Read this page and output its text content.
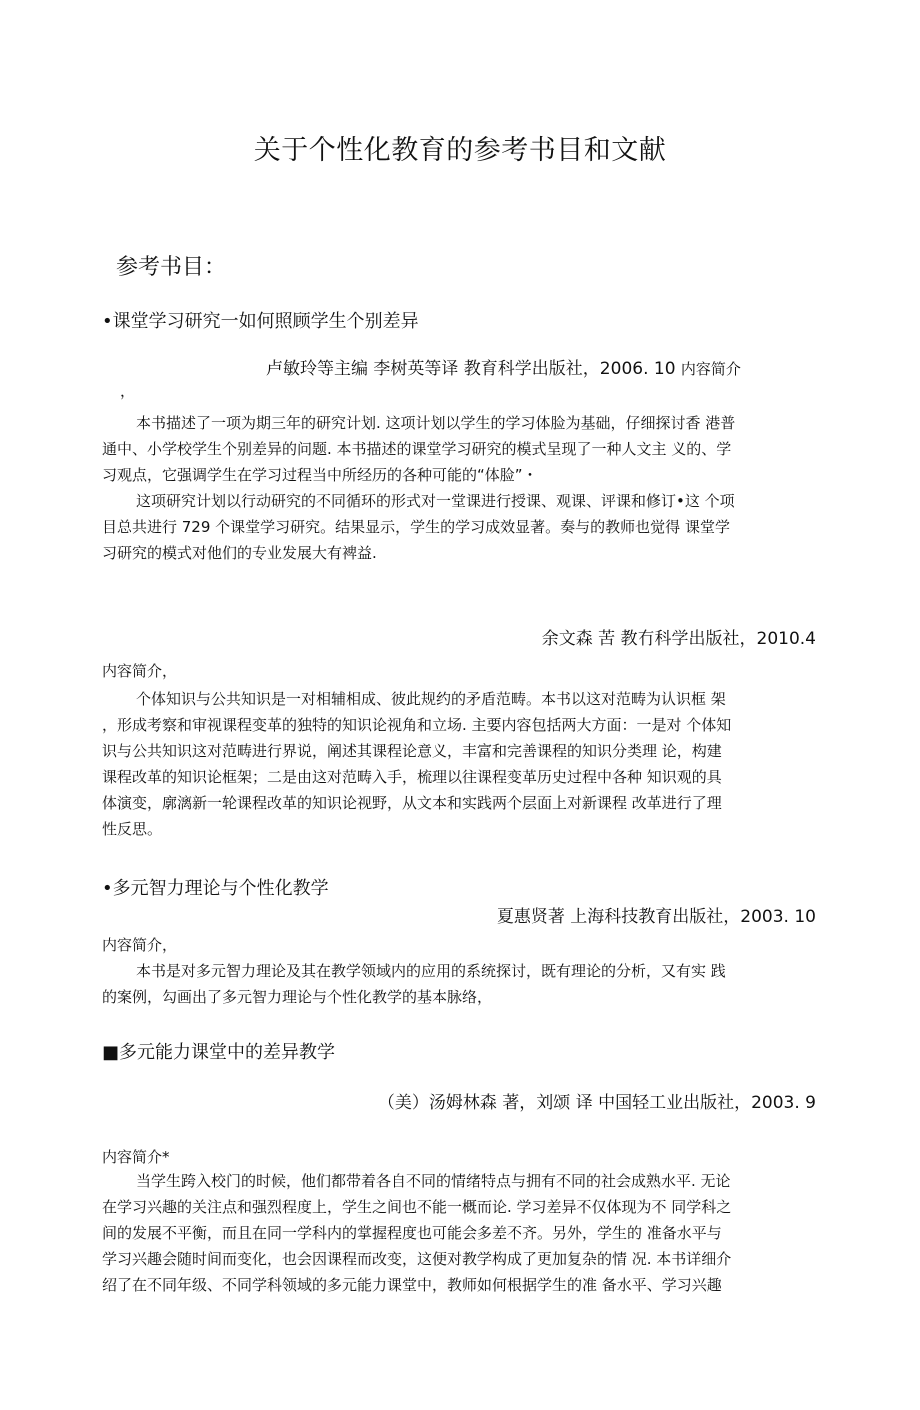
关于个性化教育的参考书目和文献
参考书目：
•课堂学习研究一如何照顾学生个别差异
卢敏玲等主编 李树英等译 教育科学出版社，2006. 10 内容简介
，
本书描述了一项为期三年的研究计划. 这项计划以学生的学习体脸为基础，仔细探讨香 港普
通中、小学校学生个别差异的问题. 本书描述的课堂学习研究的模式呈现了一种人文主 义的、学
习观点，它强调学生在学习过程当中所经历的各种可能的“体脸”・
这项研究计划以行动研究的不同循环的形式对一堂课进行授课、观课、评课和修订•这 个项
目总共进行 729 个课堂学习研究。结果显示，学生的学习成效显著。奏与的教师也觉得 课堂学
习研究的模式对他们的专业发展大有裨益.
余文森 苦 教冇科学出版社，2010.4
内容简介，
个体知识与公共知识是一对相辅相成、彼此规约的矛盾范畴。本书以这对范畴为认识框 架
，形成考察和审视课程变革的独特的知识论视角和立场. 主要内容包括两大方面：一是对 个体知
识与公共知识这对范畴进行界说，阐述其课程论意义，丰富和完善课程的知识分类理 论，构建
课程改革的知识论框架；二是由这对范畴入手，梳理以往课程变革历史过程中各种 知识观的具
体演变，廓漓新一轮课程改革的知识论视野，从文本和实践两个层面上对新课程 改革进行了理
性反思。
•多元智力理论与个性化教学
夏惠贤著 上海科技教育出版社，2003. 10
内容简介，
本书是对多元智力理论及其在教学领域内的应用的系统探讨，既有理论的分析，又有实 践
的案例，勾画出了多元智力理论与个性化教学的基本脉络，
■多元能力课堂中的差异教学
（美）汤姆林森 著，刘颂 译 中国轻工业出版社，2003. 9
内容简介*
当学生跨入校门的时候，他们都带着各自不同的情绪特点与拥有不同的社会成熟水平. 无论
在学习兴趣的关注点和强烈程度上，学生之间也不能一概而论. 学习差异不仅体现为不 同学科之
间的发展不平衡，而且在同一学科内的掌握程度也可能会多差不齐。另外，学生的 准备水平与
学习兴趣会随时间而变化，也会因课程而改变，这便对教学构成了更加复杂的情 况. 本书详细介
绍了在不同年级、不同学科领域的多元能力课堂中，教师如何根据学生的准 备水平、学习兴趣
